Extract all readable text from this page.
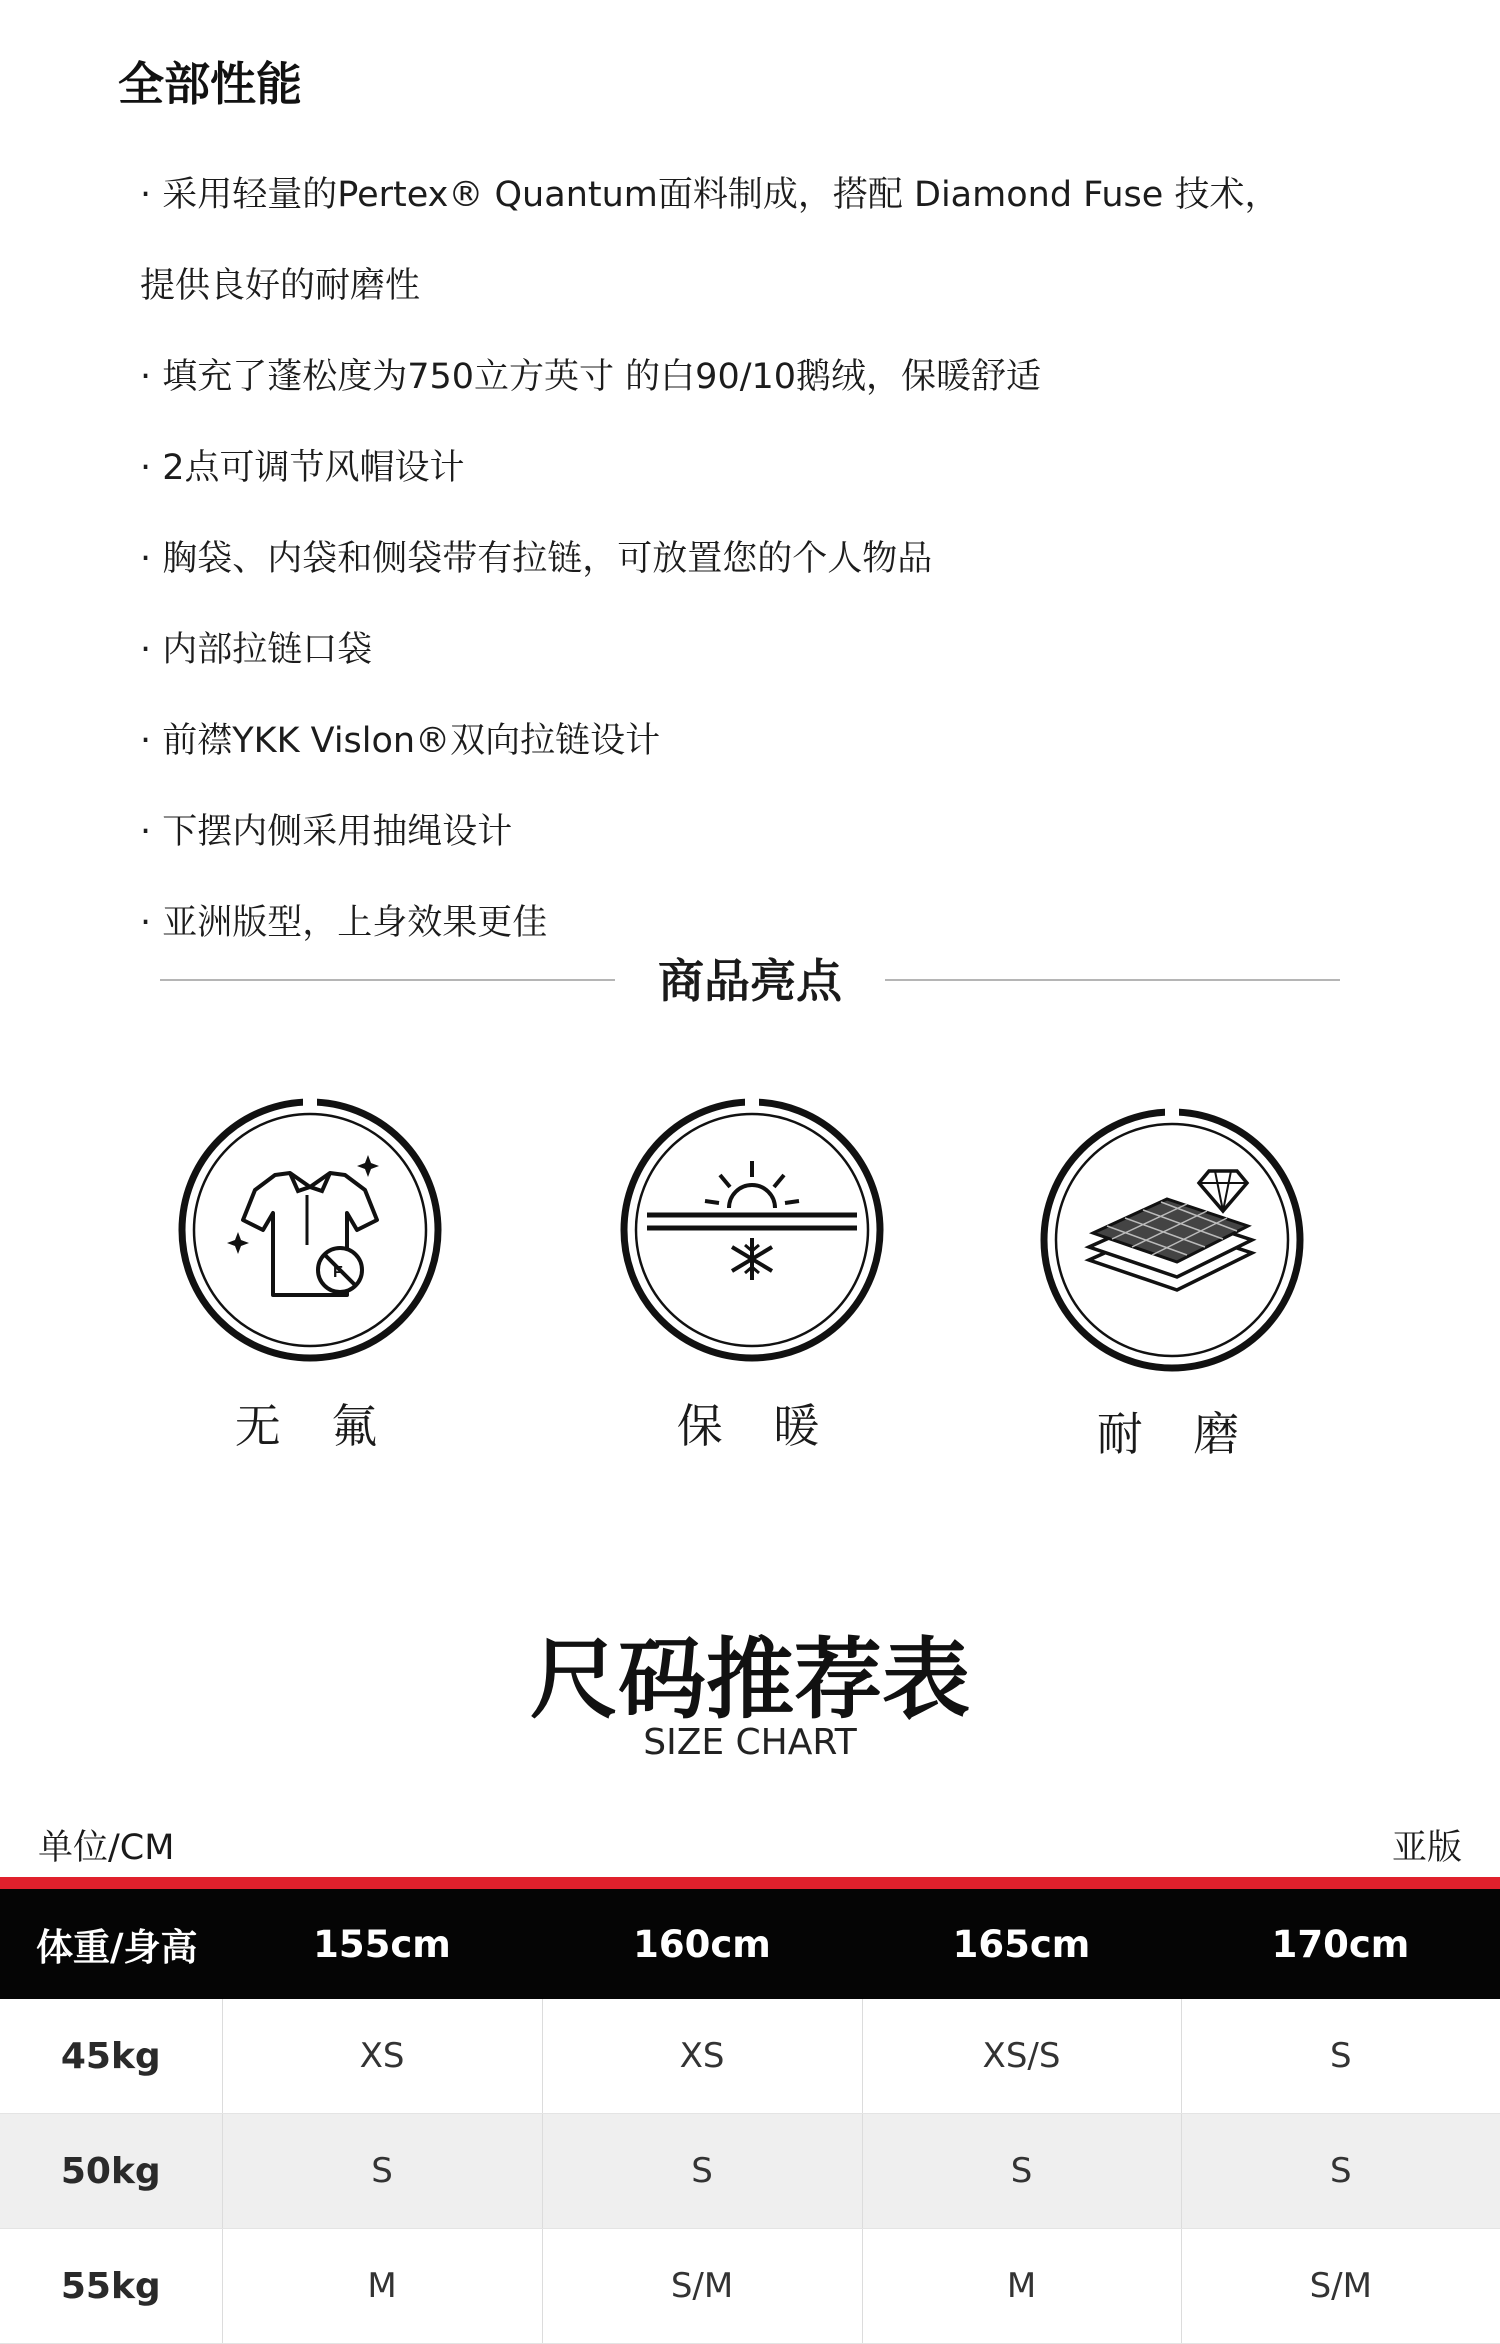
全部性能
· 采用轻量的Pertex® Quantum面料制成，搭配 Diamond Fuse 技术，提供良好的耐磨性
· 填充了蓬松度为750立方英寸 的白90/10鹅绒，保暖舒适
· 2点可调节风帽设计
· 胸袋、内袋和侧袋带有拉链，可放置您的个人物品
· 内部拉链口袋
· 前襟YKK Vislon®双向拉链设计
· 下摆内侧采用抽绳设计
· 亚洲版型，上身效果更佳
商品亮点
F
无 氟	保 暖	耐 磨
尺码推荐表
SIZE CHART
单位/CM	亚版
体重/身高	155cm	160cm	165cm	170cm
45kg	XS	XS	XS/S	S
50kg	S	S	S	S
55kg	M	S/M	M	S/M
